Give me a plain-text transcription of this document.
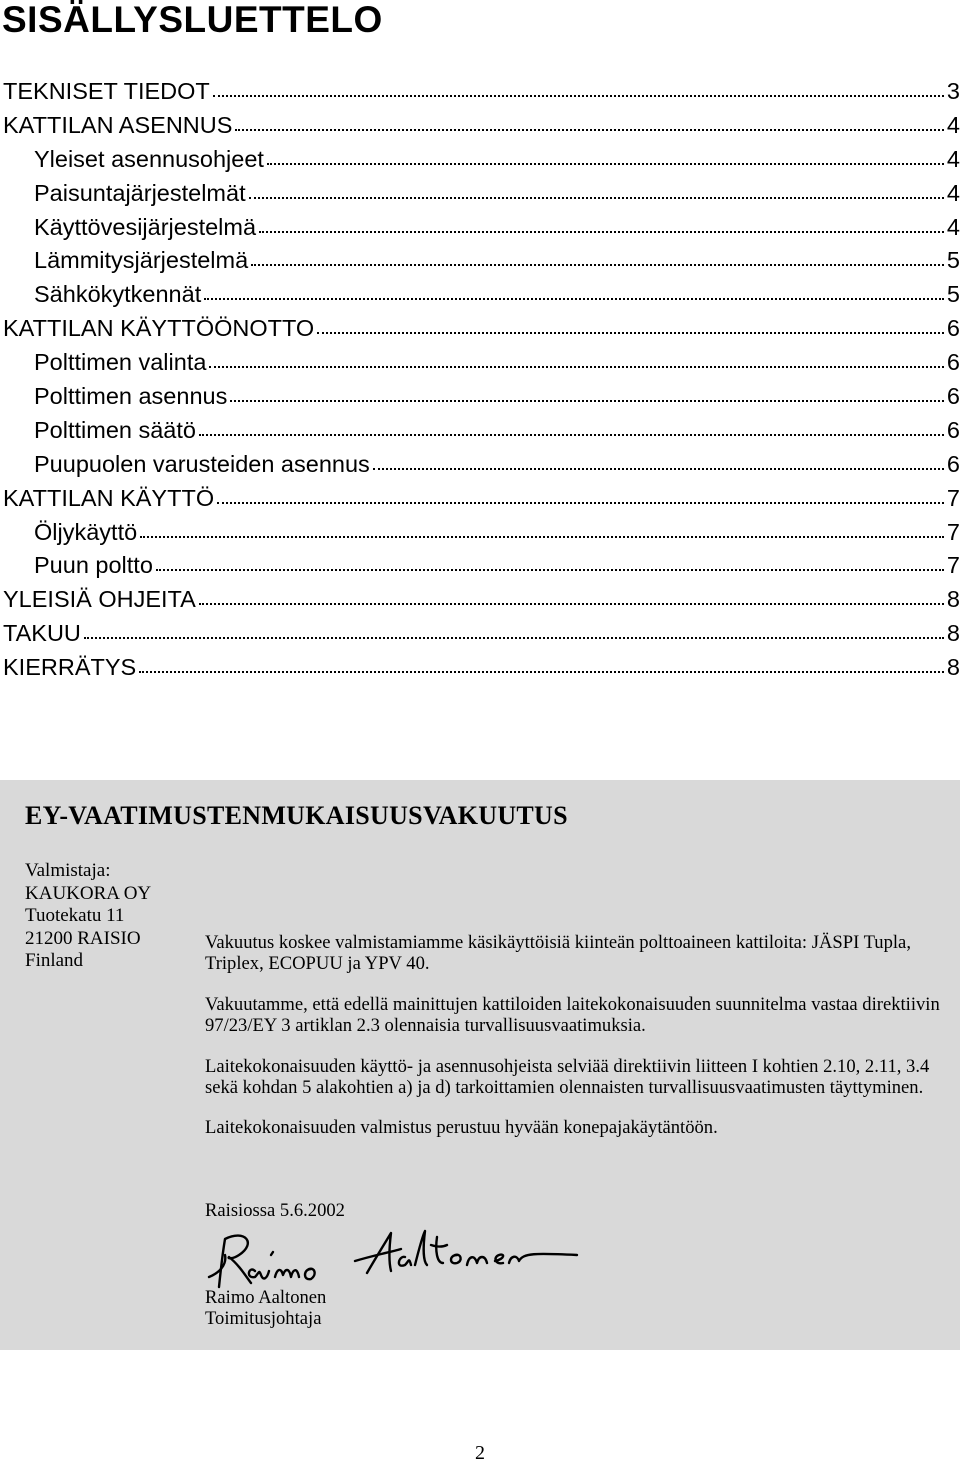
SISÄLLYSLUETTELO
TEKNISET TIEDOT	3
KATTILAN ASENNUS	4
Yleiset asennusohjeet	4
Paisuntajärjestelmät	4
Käyttövesijärjestelmä	4
Lämmitysjärjestelmä	5
Sähkökytkennät	5
KATTILAN KÄYTTÖÖNOTTO	6
Polttimen valinta	6
Polttimen asennus	6
Polttimen säätö	6
Puupuolen varusteiden asennus	6
KATTILAN KÄYTTÖ	7
Öljykäyttö	7
Puun poltto	7
YLEISIÄ OHJEITA	8
TAKUU	8
KIERRÄTYS	8
EY-VAATIMUSTENMUKAISUUSVAKUUTUS
Valmistaja:
KAUKORA OY
Tuotekatu 11
21200 RAISIO
Finland

Vakuutus koskee valmistamiamme käsikäyttöisiä kiinteän polttoaineen kattiloita: JÄSPI Tupla, Triplex, ECOPUU ja YPV 40.

Vakuutamme, että edellä mainittujen kattiloiden laitekokonaisuuden suunnitelma vastaa direktiivin 97/23/EY 3 artiklan 2.3 olennaisia turvallisuusvaatimuksia.

Laitekokonaisuuden käyttö- ja asennusohjeista selviää direktiivin liitteen I kohtien 2.10, 2.11, 3.4 sekä kohdan 5 alakohtien a) ja d) tarkoittamien olennaisten turvallisuusvaatimusten täyttyminen.

Laitekokonaisuuden valmistus perustuu hyvään konepajakäytäntöön.

Raisiossa 5.6.2002
Raimo Aaltonen
Toimitusjohtaja
2
